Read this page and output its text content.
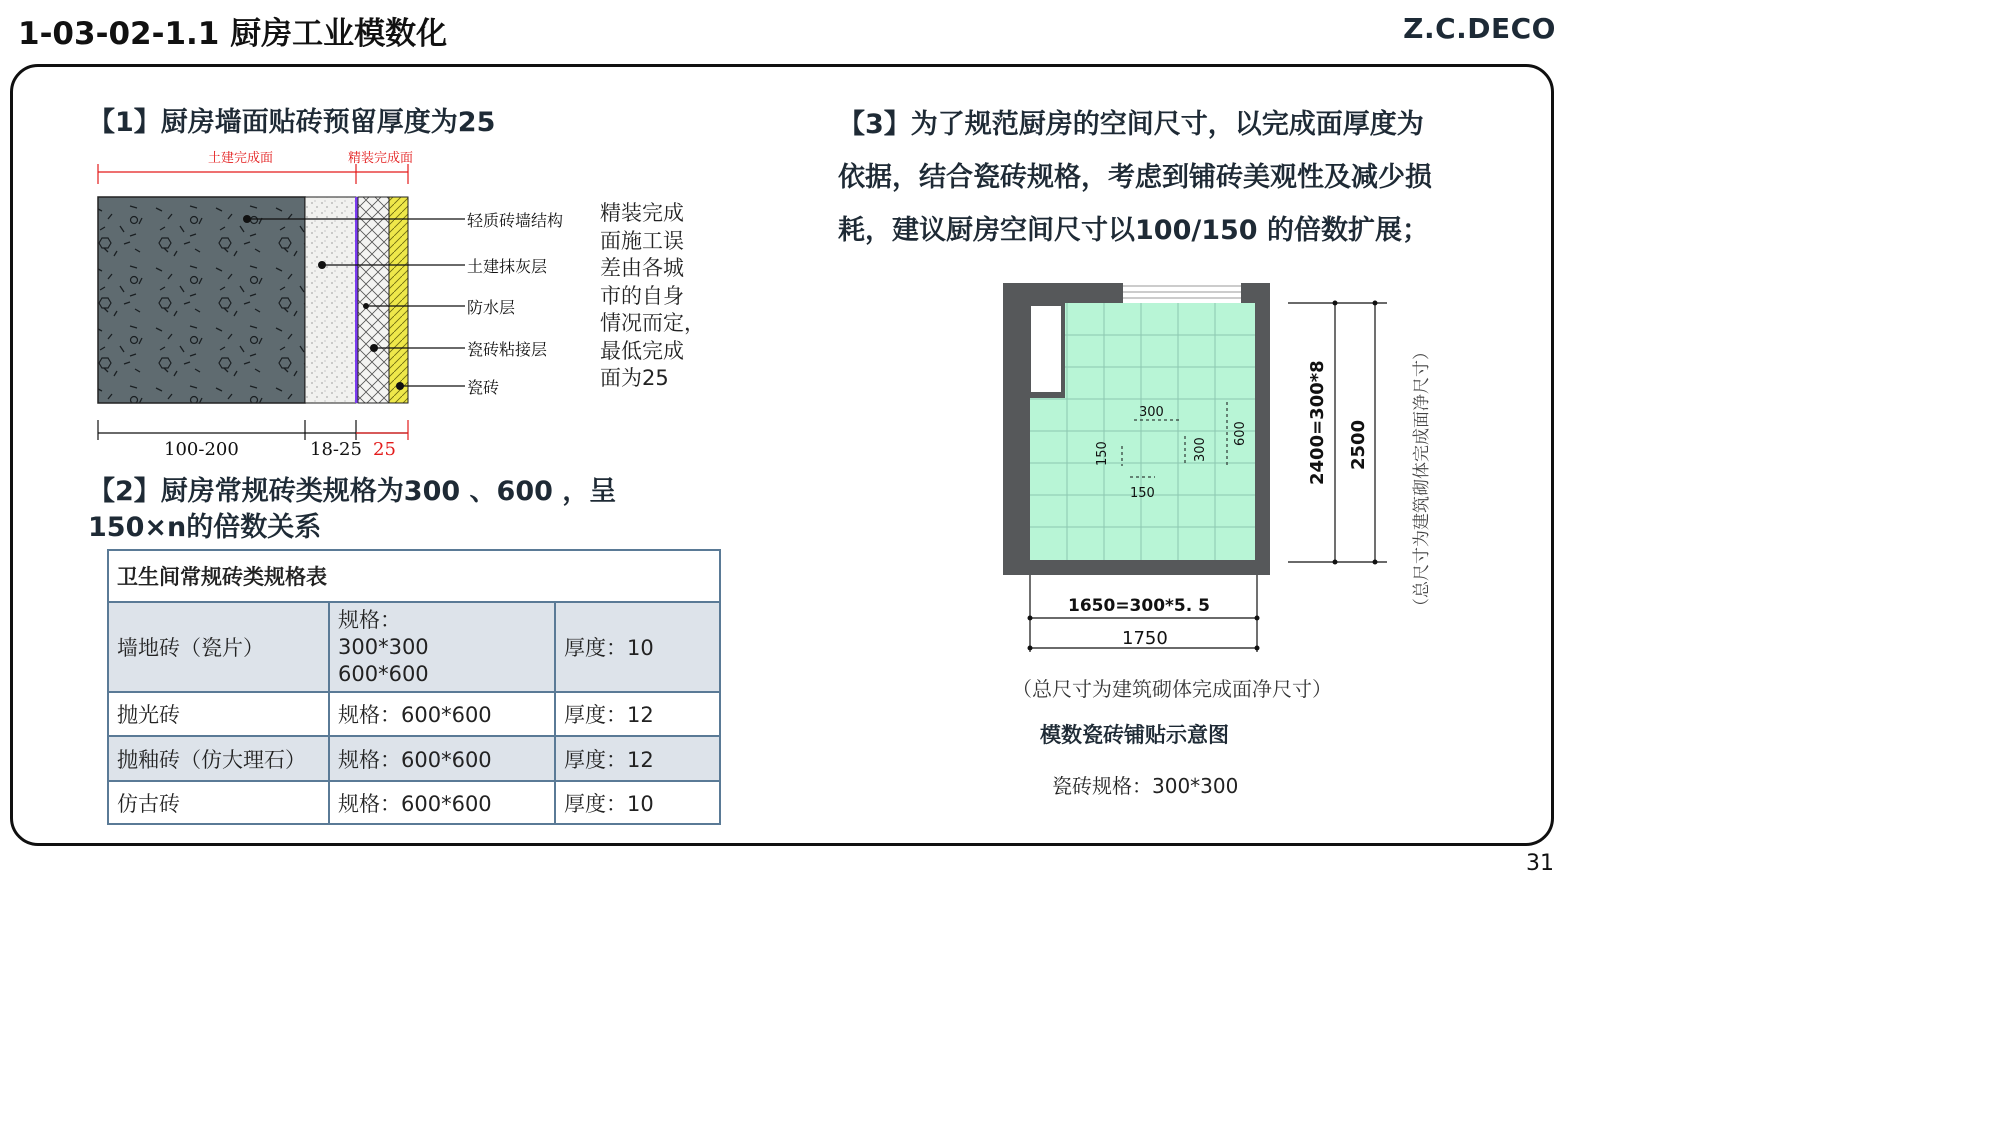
1-03-02-1.1 厨房工业模数化	Z.C.DECO
31
【1】厨房墙面贴砖预留厚度为25
土建完成面	精装完成面
轻质砖墙结构
土建抹灰层
防水层
瓷砖粘接层
瓷砖
100-200	18-25 25
精装完成
面施工误
差由各城
市的自身
情况而定，
最低完成
面为25
【2】厨房常规砖类规格为300 、600 ，呈
150×n的倍数关系
卫生间常规砖类规格表		
墙地砖（瓷片）	规格：
300*300
600*600	厚度：10
抛光砖	规格：600*600	厚度：12
抛釉砖（仿大理石）	规格：600*600	厚度：12
仿古砖	规格：600*600	厚度：10
【3】为了规范厨房的空间尺寸，以完成面厚度为
依据，结合瓷砖规格，考虑到铺砖美观性及减少损
耗，建议厨房空间尺寸以100/150 的倍数扩展；
300
600
300
150
150
2400=300*8 2500	（总尺寸为建筑砌体完成面净尺寸）
1650=300*5. 5
1750
（总尺寸为建筑砌体完成面净尺寸）
模数瓷砖铺贴示意图
瓷砖规格：300*300
